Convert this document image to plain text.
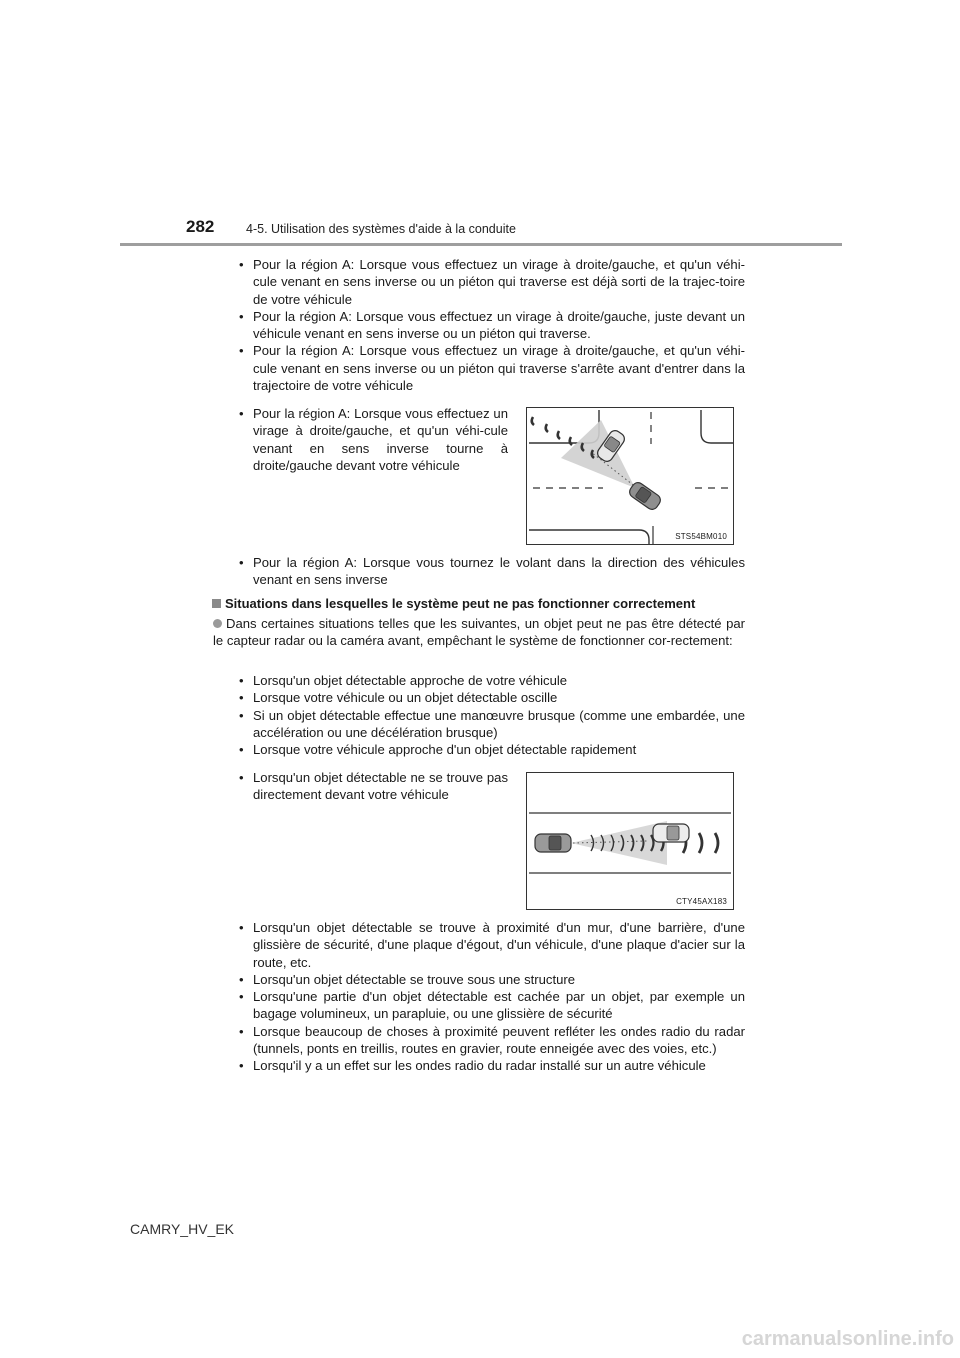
282	4-5. Utilisation des systèmes d'aide à la conduite
• Pour la région A: Lorsque vous effectuez un virage à droite/gauche, et qu'un véhi-cule venant en sens inverse ou un piéton qui traverse est déjà sorti de la trajec-toire de votre véhicule
• Pour la région A: Lorsque vous effectuez un virage à droite/gauche, juste devant un véhicule venant en sens inverse ou un piéton qui traverse.
• Pour la région A: Lorsque vous effectuez un virage à droite/gauche, et qu'un véhi-cule venant en sens inverse ou un piéton qui traverse s'arrête avant d'entrer dans la trajectoire de votre véhicule
• Pour la région A: Lorsque vous effectuez un virage à droite/gauche, et qu'un véhi-cule venant en sens inverse tourne à droite/gauche devant votre véhicule
STS54BM010
• Pour la région A: Lorsque vous tournez le volant dans la direction des véhicules venant en sens inverse
Situations dans lesquelles le système peut ne pas fonctionner correctement
Dans certaines situations telles que les suivantes, un objet peut ne pas être détecté par le capteur radar ou la caméra avant, empêchant le système de fonctionner cor-rectement:
• Lorsqu'un objet détectable approche de votre véhicule
• Lorsque votre véhicule ou un objet détectable oscille
• Si un objet détectable effectue une manœuvre brusque (comme une embardée, une accélération ou une décélération brusque)
• Lorsque votre véhicule approche d'un objet détectable rapidement
• Lorsqu'un objet détectable ne se trouve pas directement devant votre véhicule
CTY45AX183
• Lorsqu'un objet détectable se trouve à proximité d'un mur, d'une barrière, d'une glissière de sécurité, d'une plaque d'égout, d'un véhicule, d'une plaque d'acier sur la route, etc.
• Lorsqu'un objet détectable se trouve sous une structure
• Lorsqu'une partie d'un objet détectable est cachée par un objet, par exemple un bagage volumineux, un parapluie, ou une glissière de sécurité
• Lorsque beaucoup de choses à proximité peuvent refléter les ondes radio du radar (tunnels, ponts en treillis, routes en gravier, route enneigée avec des voies, etc.)
• Lorsqu'il y a un effet sur les ondes radio du radar installé sur un autre véhicule
CAMRY_HV_EK
carmanualsonline.info
